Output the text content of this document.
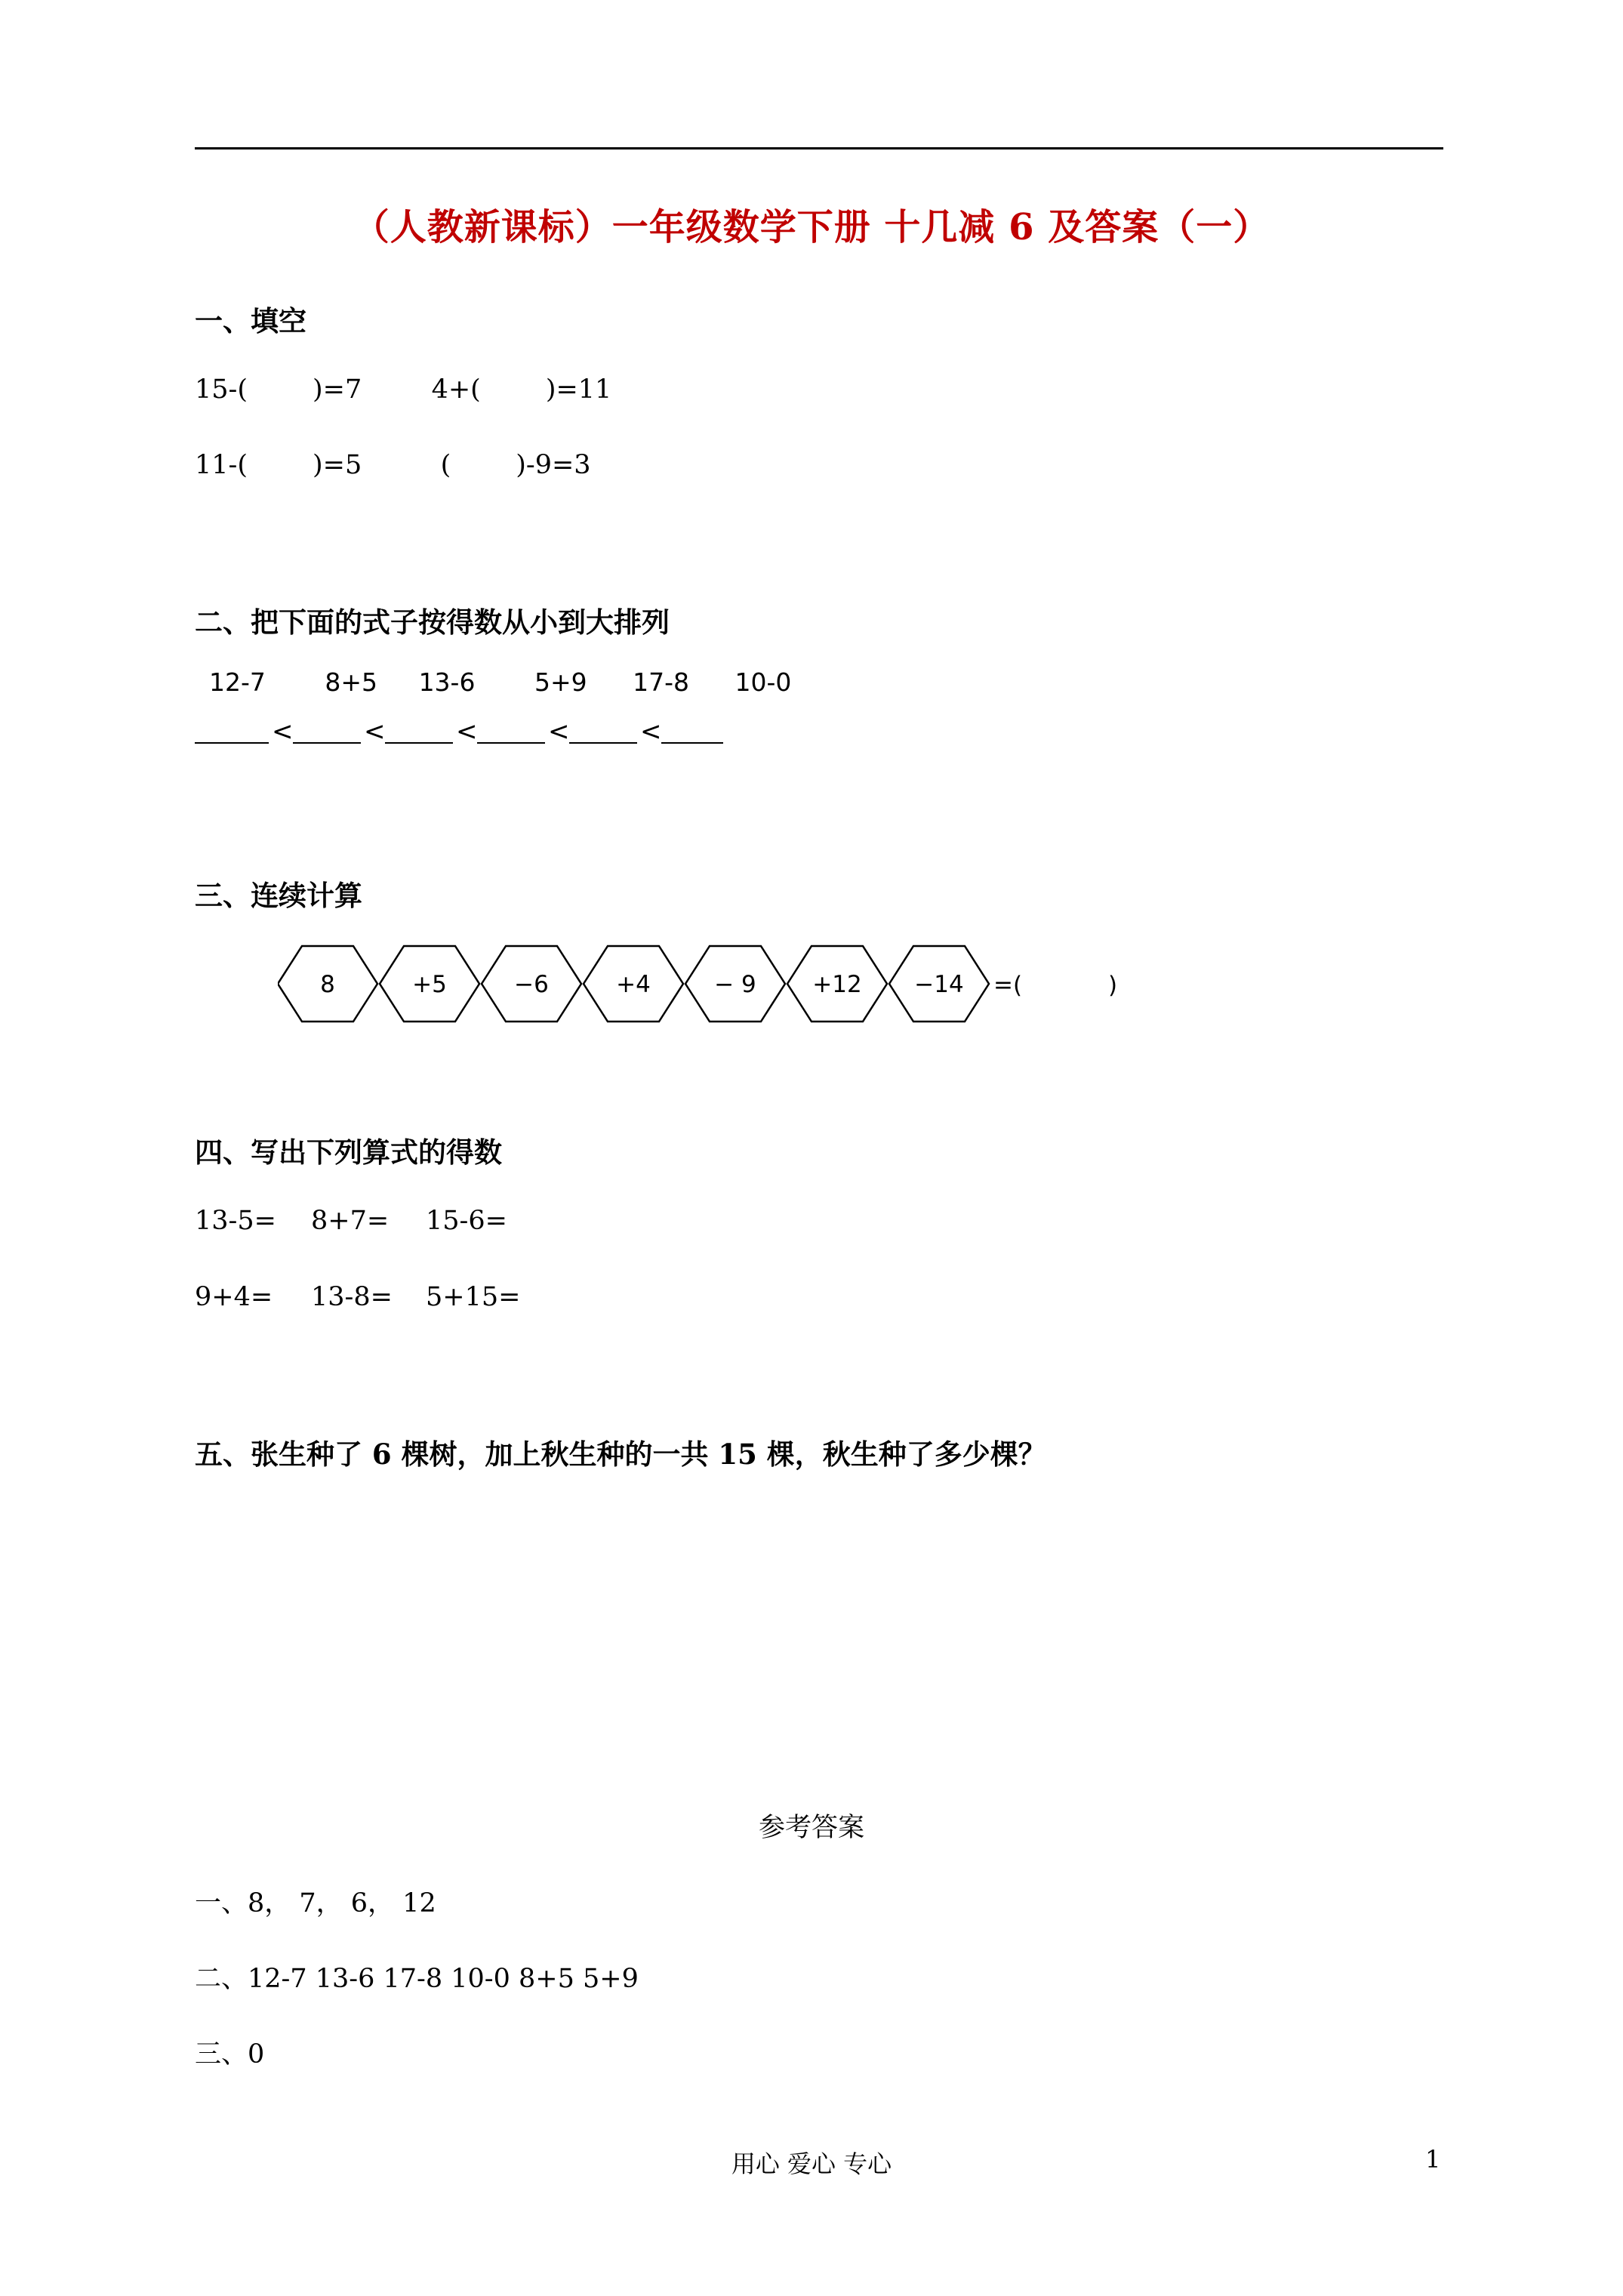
（人教新课标）一年级数学下册 十几减 6 及答案（一）
一、填空
15-( )=7	4+( )=11
11-( )=5	( )-9=3
二、把下面的式子按得数从小到大排列
12-7 8+5 13-6 5+9 17-8 10-0
<	<	<	<	<
三、连续计算
8	+5	−6	+4	− 9 +12 −14 =(	)
四、写出下列算式的得数
13-5= 8+7= 15-6=
9+4= 13-8= 5+15=
五、张生种了 6 棵树，加上秋生种的一共 15 棵，秋生种了多少棵？
参考答案
一、8， 7， 6， 12
二、12-7 13-6 17-8 10-0 8+5 5+9
三、0
用心 爱心 专心	1
